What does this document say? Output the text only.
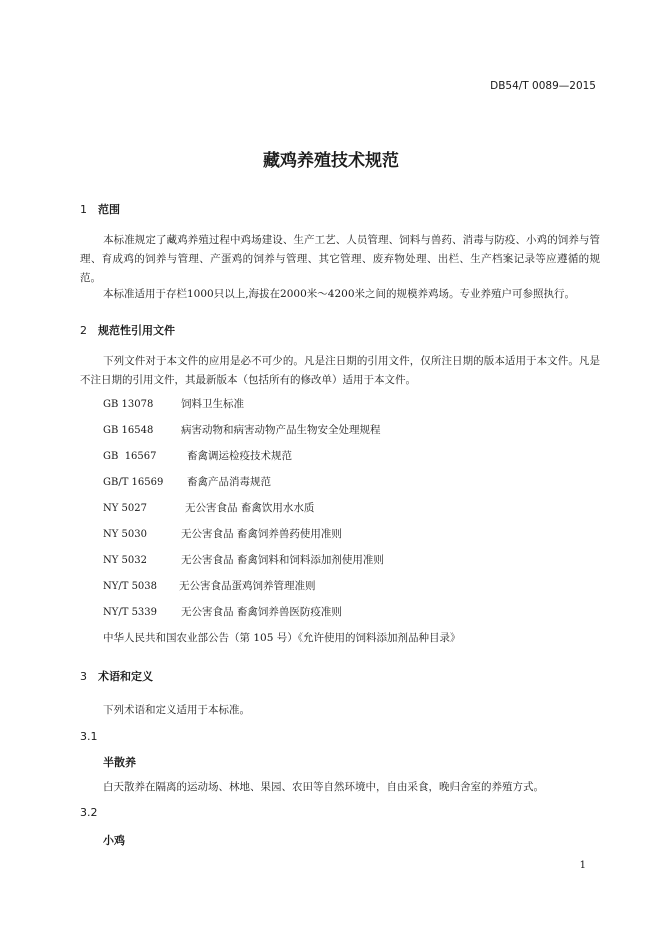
DB54/T 0089—2015
藏鸡养殖技术规范
1 范围
本标准规定了藏鸡养殖过程中鸡场建设、生产工艺、人员管理、饲料与兽药、消毒与防疫、小鸡的饲养与管理、育成鸡的饲养与管理、产蛋鸡的饲养与管理、其它管理、废弃物处理、出栏、生产档案记录等应遵循的规范。
本标准适用于存栏1000只以上,海拔在2000米～4200米之间的规模养鸡场。专业养殖户可参照执行。
2 规范性引用文件
下列文件对于本文件的应用是必不可少的。凡是注日期的引用文件，仅所注日期的版本适用于本文件。凡是不注日期的引用文件，其最新版本（包括所有的修改单）适用于本文件。
GB 13078	饲料卫生标准
GB 16548	病害动物和病害动物产品生物安全处理规程
GB  16567	畜禽调运检疫技术规范
GB/T 16569 畜禽产品消毒规范
NY 5027	无公害食品 畜禽饮用水水质
NY 5030	无公害食品 畜禽饲养兽药使用准则
NY 5032	无公害食品 畜禽饲料和饲料添加剂使用准则
NY/T 5038 无公害食品蛋鸡饲养管理准则
NY/T 5339 无公害食品 畜禽饲养兽医防疫准则
中华人民共和国农业部公告（第 105 号）《允许使用的饲料添加剂品种目录》
3 术语和定义
下列术语和定义适用于本标准。
3.1
半散养
白天散养在隔离的运动场、林地、果园、农田等自然环境中，自由采食，晚归舍室的养殖方式。
3.2
小鸡
1
